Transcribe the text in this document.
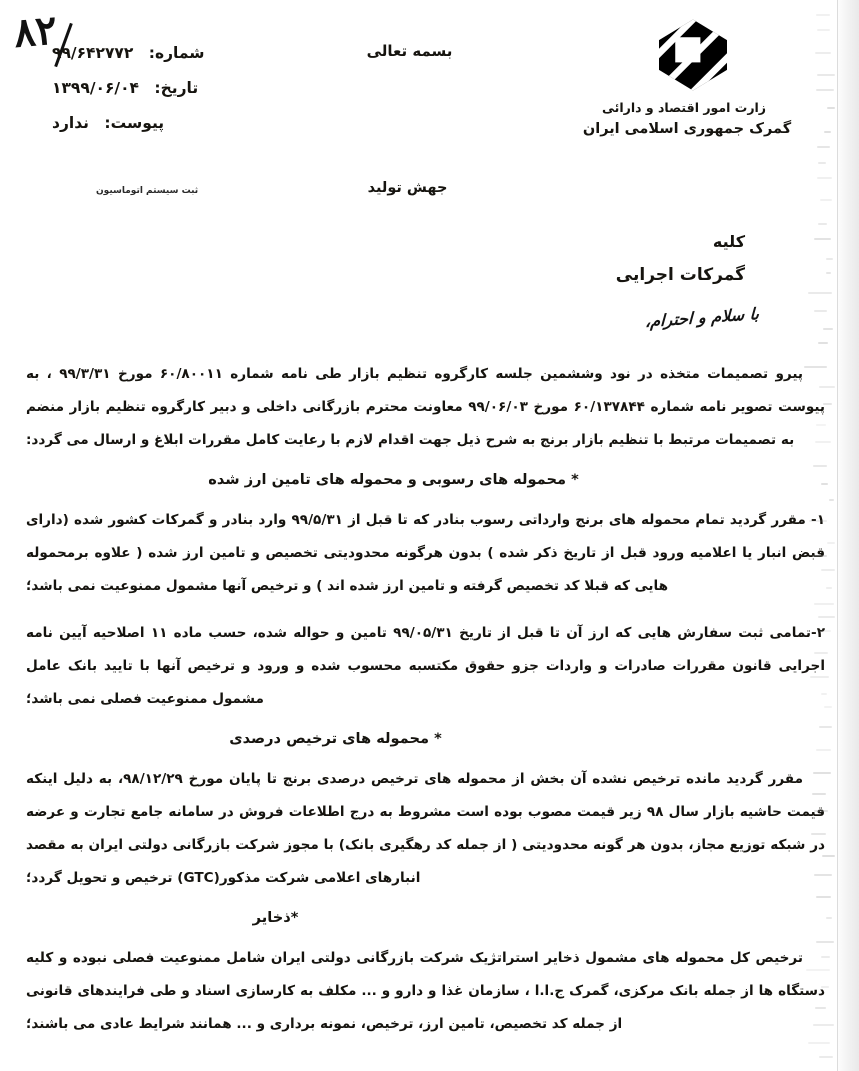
۸۲	شماره: ۹۹/۶۴۲۷۷۲
تاریخ: ۱۳۹۹/۰۶/۰۴
پیوست: ندارد
ثبت سیستم اتوماسیون
بسمه تعالی
جهش تولید
زارت امور اقتصاد و دارائی
گمرک جمهوری اسلامی ایران
کلیه
گمرکات اجرایی
با سلام و احترام،

پیرو تصمیمات متخذه در نود وششمین جلسه کارگروه تنظیم بازار طی نامه شماره ۶۰/۸۰۰۱۱ مورخ ۹۹/۳/۳۱ ، به پیوست تصویر نامه شماره ۶۰/۱۳۷۸۴۴ مورخ ۹۹/۰۶/۰۳ معاونت محترم بازرگانی داخلی و دبیر کارگروه تنظیم بازار منضم به تصمیمات مرتبط با تنظیم بازار برنج به شرح ذیل جهت اقدام لازم با رعایت کامل مقررات ابلاغ و ارسال می گردد:

* محموله های رسوبی و محموله های تامین ارز شده

۱- مقرر گردید تمام محموله های برنج وارداتی رسوب بنادر که تا قبل از ۹۹/۵/۳۱ وارد بنادر و گمرکات کشور شده (دارای قبض انبار یا اعلامیه ورود قبل از تاریخ ذکر شده ) بدون هرگونه محدودیتی تخصیص و تامین ارز شده ( علاوه برمحموله هایی که قبلا کد تخصیص گرفته و تامین ارز شده اند ) و ترخیص آنها مشمول ممنوعیت نمی باشد؛

۲-تمامی ثبت سفارش هایی که ارز آن تا قبل از تاریخ ۹۹/۰۵/۳۱ تامین و حواله شده، حسب ماده ۱۱ اصلاحیه آیین نامه اجرایی قانون مقررات صادرات و واردات جزو حقوق مکتسبه محسوب شده و ورود و ترخیص آنها با تایید بانک عامل مشمول ممنوعیت فصلی نمی باشد؛

* محموله های ترخیص درصدی

مقرر گردید مانده ترخیص نشده آن بخش از محموله های ترخیص درصدی برنج تا پایان مورخ ۹۸/۱۲/۲۹، به دلیل اینکه قیمت حاشیه بازار سال ۹۸ زیر قیمت مصوب بوده است مشروط به درج اطلاعات فروش در سامانه جامع تجارت و عرضه در شبکه توزیع مجاز، بدون هر گونه محدودیتی ( از جمله کد رهگیری بانک) با مجوز شرکت بازرگانی دولتی ایران به مقصد انبارهای اعلامی شرکت مذکور(GTC) ترخیص و تحویل گردد؛

*ذخایر

ترخیص کل محموله های مشمول ذخایر استراتژیک شرکت بازرگانی دولتی ایران شامل ممنوعیت فصلی نبوده و کلیه دستگاه ها از جمله بانک مرکزی، گمرک ج.ا.ا ، سازمان غذا و دارو و ... مکلف به کارسازی اسناد و طی فرایندهای قانونی از جمله کد تخصیص، تامین ارز، ترخیص، نمونه برداری و ... همانند شرایط عادی می باشند؛
